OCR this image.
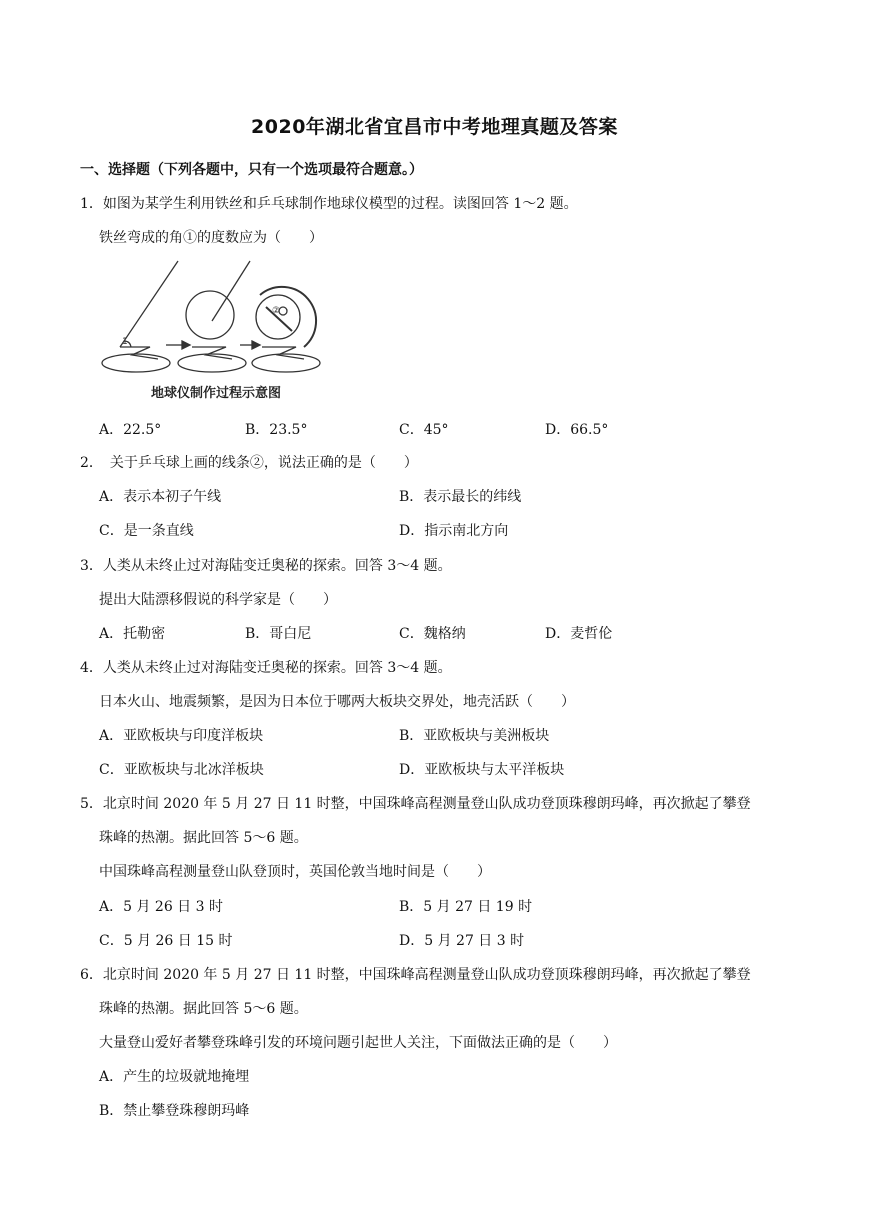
2020年湖北省宜昌市中考地理真题及答案
一、选择题（下列各题中，只有一个选项最符合题意。）
1．如图为某学生利用铁丝和乒乓球制作地球仪模型的过程。读图回答 1～2 题。
铁丝弯成的角①的度数应为（　　）
1
②
地球仪制作过程示意图
A．22.5°	B．23.5°	C．45°	D．66.5°
2．　关于乒乓球上画的线条②，说法正确的是（　　）
A．表示本初子午线	B．表示最长的纬线
C．是一条直线	D．指示南北方向
3．人类从未终止过对海陆变迁奥秘的探索。回答 3～4 题。
提出大陆漂移假说的科学家是（　　）
A．托勒密	B．哥白尼	C．魏格纳	D．麦哲伦
4．人类从未终止过对海陆变迁奥秘的探索。回答 3～4 题。
日本火山、地震频繁，是因为日本位于哪两大板块交界处，地壳活跃（　　）
A．亚欧板块与印度洋板块	B．亚欧板块与美洲板块
C．亚欧板块与北冰洋板块	D．亚欧板块与太平洋板块
5．北京时间 2020 年 5 月 27 日 11 时整，中国珠峰高程测量登山队成功登顶珠穆朗玛峰，再次掀起了攀登
珠峰的热潮。据此回答 5～6 题。
中国珠峰高程测量登山队登顶时，英国伦敦当地时间是（　　）
A．5 月 26 日 3 时	B．5 月 27 日 19 时
C．5 月 26 日 15 时	D．5 月 27 日 3 时
6．北京时间 2020 年 5 月 27 日 11 时整，中国珠峰高程测量登山队成功登顶珠穆朗玛峰，再次掀起了攀登
珠峰的热潮。据此回答 5～6 题。
大量登山爱好者攀登珠峰引发的环境问题引起世人关注，下面做法正确的是（　　）
A．产生的垃圾就地掩埋
B．禁止攀登珠穆朗玛峰
